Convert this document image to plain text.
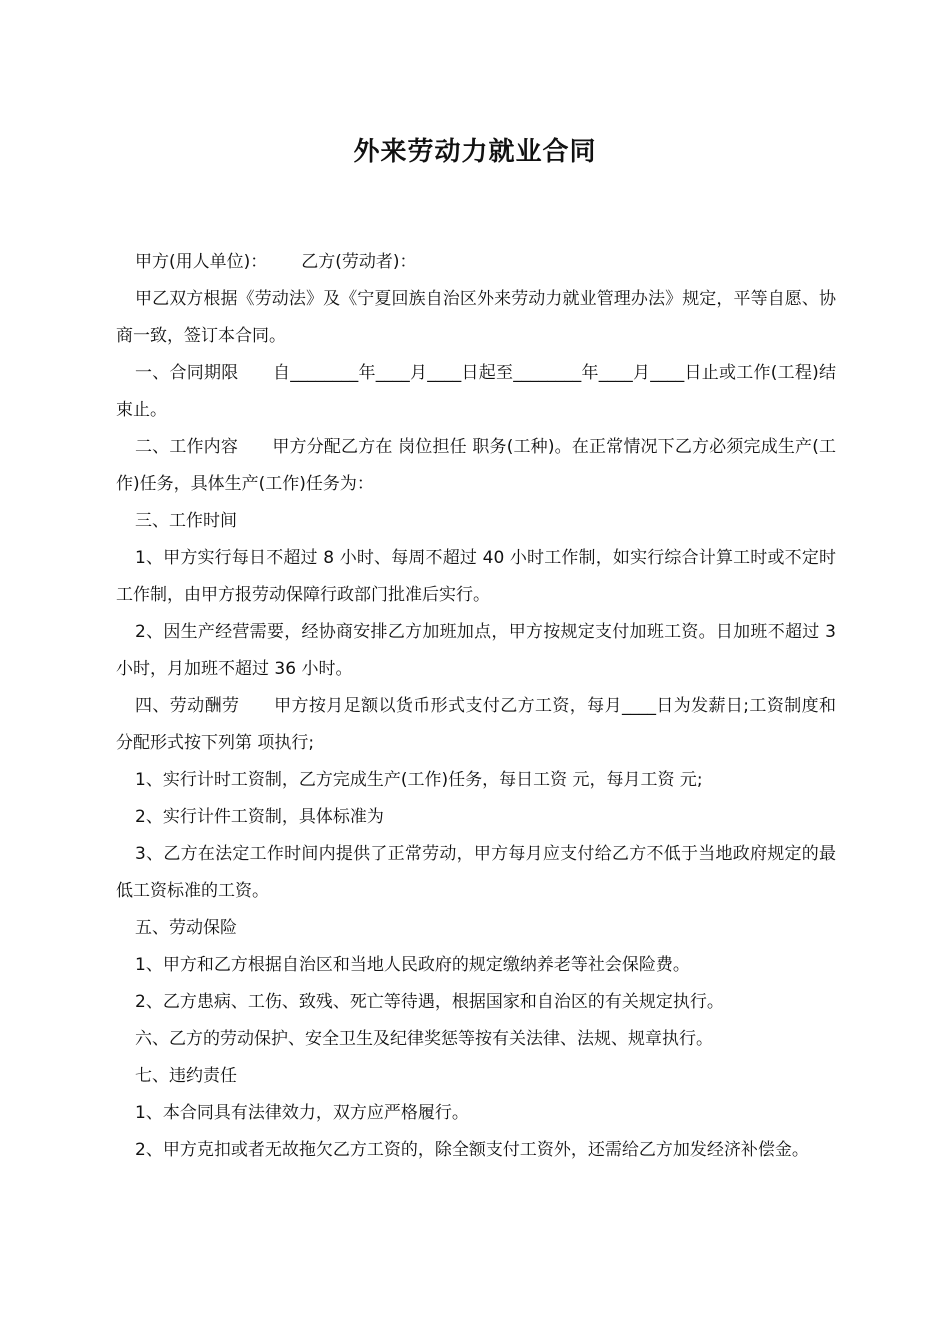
外来劳动力就业合同

甲方(用人单位)： 乙方(劳动者)：

甲乙双方根据《劳动法》及《宁夏回族自治区外来劳动力就业管理办法》规定，平等自愿、协商一致，签订本合同。

一、合同期限　　自________年____月____日起至________年____月____日止或工作(工程)结束止。

二、工作内容　　甲方分配乙方在 岗位担任 职务(工种)。在正常情况下乙方必须完成生产(工作)任务，具体生产(工作)任务为：

三、工作时间

1、甲方实行每日不超过 8 小时、每周不超过 40 小时工作制，如实行综合计算工时或不定时工作制，由甲方报劳动保障行政部门批准后实行。

2、因生产经营需要，经协商安排乙方加班加点，甲方按规定支付加班工资。日加班不超过 3 小时，月加班不超过 36 小时。

四、劳动酬劳　　甲方按月足额以货币形式支付乙方工资，每月____日为发薪日;工资制度和分配形式按下列第 项执行;

1、实行计时工资制，乙方完成生产(工作)任务，每日工资 元，每月工资 元;

2、实行计件工资制，具体标准为

3、乙方在法定工作时间内提供了正常劳动，甲方每月应支付给乙方不低于当地政府规定的最低工资标准的工资。

五、劳动保险

1、甲方和乙方根据自治区和当地人民政府的规定缴纳养老等社会保险费。

2、乙方患病、工伤、致残、死亡等待遇，根据国家和自治区的有关规定执行。

六、乙方的劳动保护、安全卫生及纪律奖惩等按有关法律、法规、规章执行。

七、违约责任

1、本合同具有法律效力，双方应严格履行。

2、甲方克扣或者无故拖欠乙方工资的，除全额支付工资外，还需给乙方加发经济补偿金。
